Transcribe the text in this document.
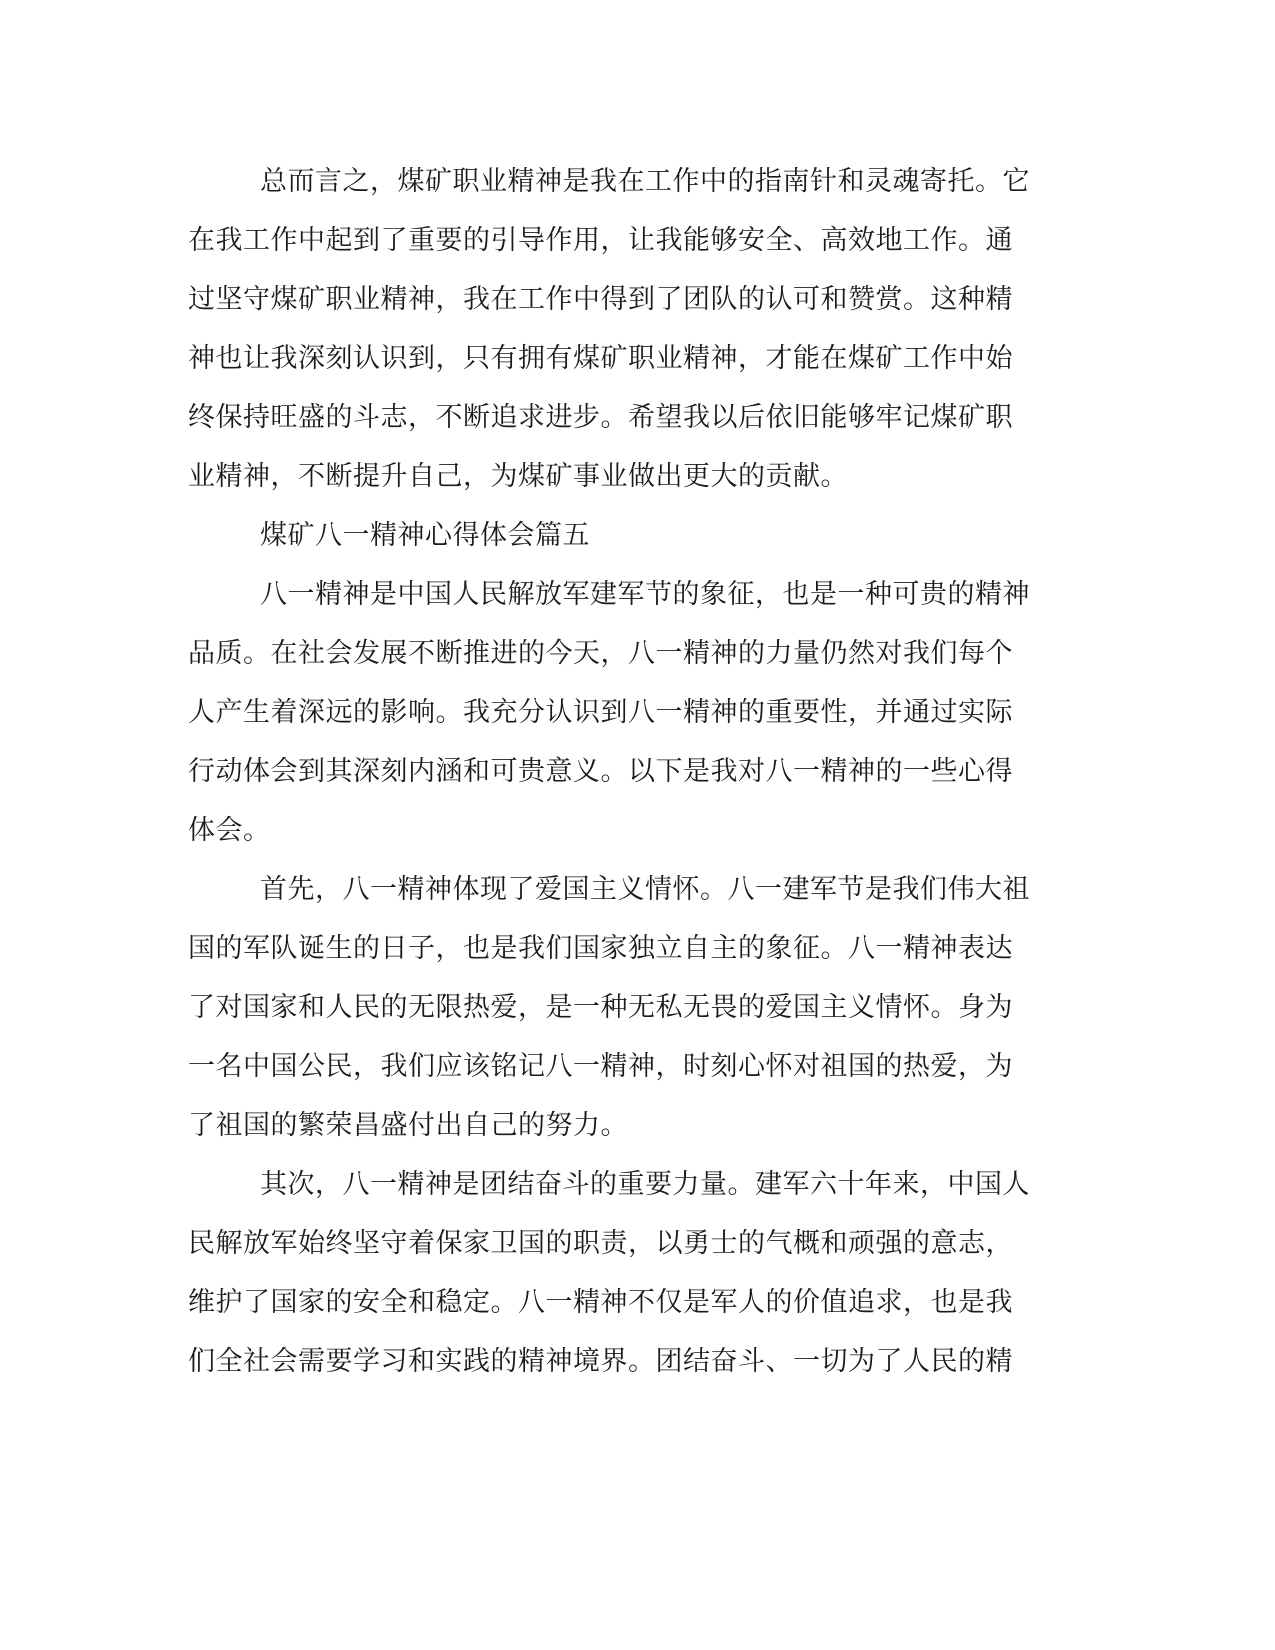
总而言之，煤矿职业精神是我在工作中的指南针和灵魂寄托。它
在我工作中起到了重要的引导作用，让我能够安全、高效地工作。通
过坚守煤矿职业精神，我在工作中得到了团队的认可和赞赏。这种精
神也让我深刻认识到，只有拥有煤矿职业精神，才能在煤矿工作中始
终保持旺盛的斗志，不断追求进步。希望我以后依旧能够牢记煤矿职
业精神，不断提升自己，为煤矿事业做出更大的贡献。
煤矿八一精神心得体会篇五
八一精神是中国人民解放军建军节的象征，也是一种可贵的精神
品质。在社会发展不断推进的今天，八一精神的力量仍然对我们每个
人产生着深远的影响。我充分认识到八一精神的重要性，并通过实际
行动体会到其深刻内涵和可贵意义。以下是我对八一精神的一些心得
体会。
首先，八一精神体现了爱国主义情怀。八一建军节是我们伟大祖
国的军队诞生的日子，也是我们国家独立自主的象征。八一精神表达
了对国家和人民的无限热爱，是一种无私无畏的爱国主义情怀。身为
一名中国公民，我们应该铭记八一精神，时刻心怀对祖国的热爱，为
了祖国的繁荣昌盛付出自己的努力。
其次，八一精神是团结奋斗的重要力量。建军六十年来，中国人
民解放军始终坚守着保家卫国的职责，以勇士的气概和顽强的意志，
维护了国家的安全和稳定。八一精神不仅是军人的价值追求，也是我
们全社会需要学习和实践的精神境界。团结奋斗、一切为了人民的精
